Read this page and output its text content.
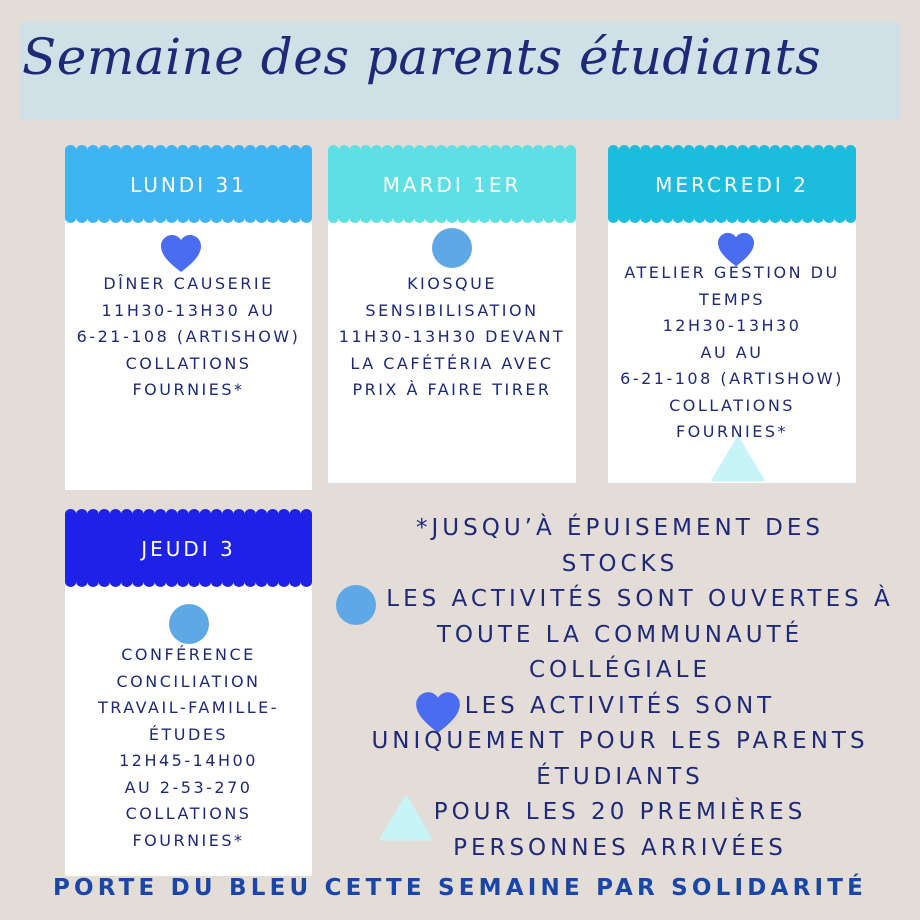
Semaine des parents étudiants
LUNDI 31
DÎNER CAUSERIE
11H30-13H30 AU
6-21-108 (ARTISHOW)
COLLATIONS
FOURNIES*
MARDI 1ER
KIOSQUE
SENSIBILISATION
11H30-13H30 DEVANT
LA CAFÉTÉRIA AVEC
PRIX À FAIRE TIRER
MERCREDI 2
ATELIER GESTION DU
TEMPS
12H30-13H30
AU AU
6-21-108 (ARTISHOW)
COLLATIONS
FOURNIES*
JEUDI 3
CONFÉRENCE
CONCILIATION
TRAVAIL-FAMILLE-
ÉTUDES
12H45-14H00
AU 2-53-270
COLLATIONS
FOURNIES*
*JUSQU’À ÉPUISEMENT DES
STOCKS
LES ACTIVITÉS SONT OUVERTES À
TOUTE LA COMMUNAUTÉ
COLLÉGIALE
LES ACTIVITÉS SONT
UNIQUEMENT POUR LES PARENTS
ÉTUDIANTS
POUR LES 20 PREMIÈRES
PERSONNES ARRIVÉES
PORTE DU BLEU CETTE SEMAINE PAR SOLIDARITÉ
